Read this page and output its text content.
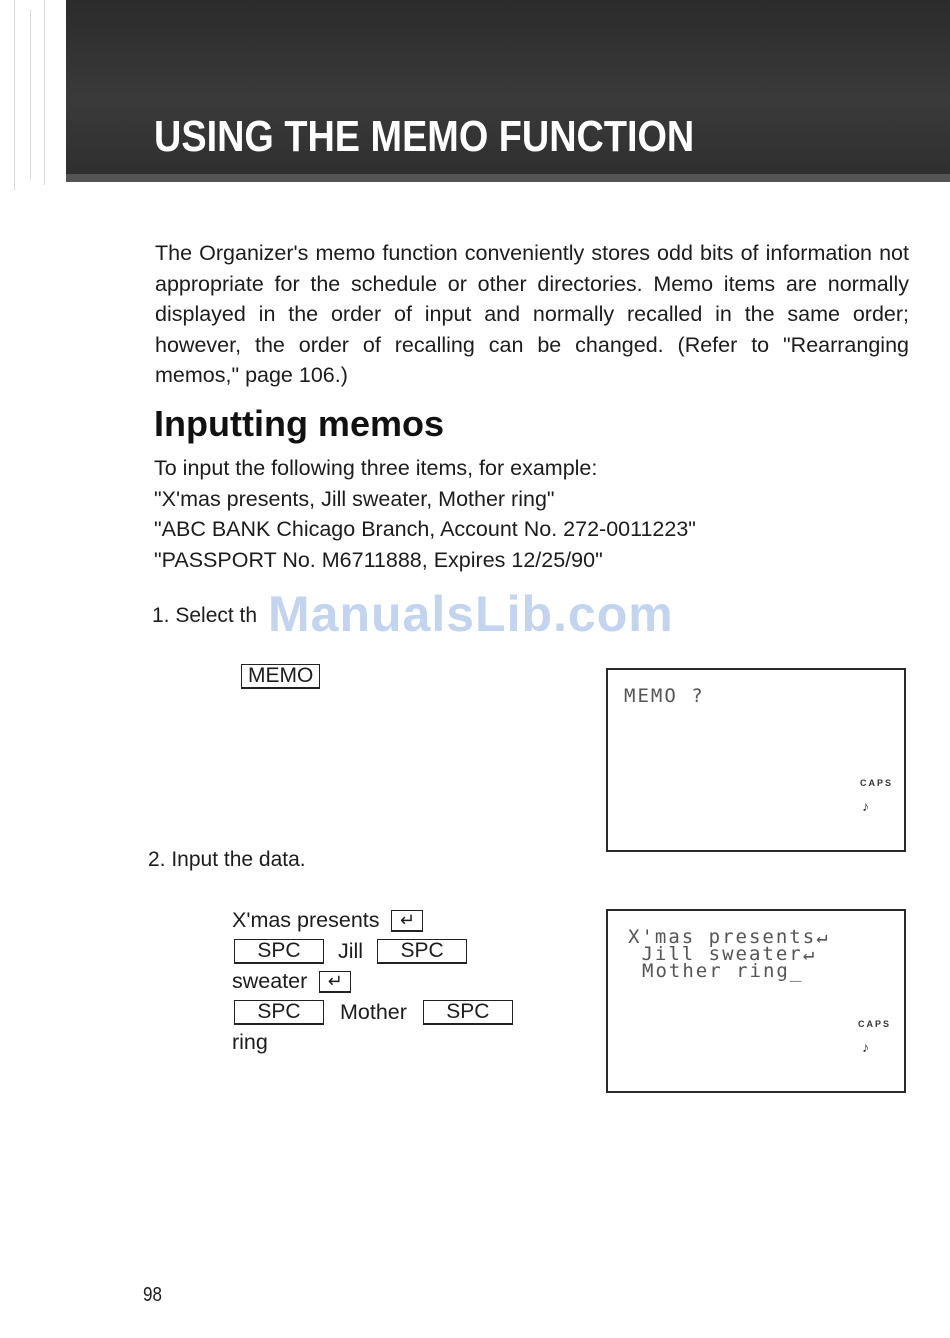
USING THE MEMO FUNCTION
The Organizer's memo function conveniently stores odd bits of information not appropriate for the schedule or other directories. Memo items are normally displayed in the order of input and normally recalled in the same order; however, the order of recalling can be changed. (Refer to "Rearranging memos," page 106.)
Inputting memos
To input the following three items, for example:
"X'mas presents, Jill sweater, Mother ring"
"ABC BANK Chicago Branch, Account No. 272-0011223"
"PASSPORT No. M6711888, Expires 12/25/90"
1. Select th ManualsLib.com
MEMO
MEMO ?
CAPS
♪
2. Input the data.
X'mas presents ↵
SPC Jill SPC
sweater ↵
SPC Mother SPC
ring
X'mas presents↵
Jill sweater↵
Mother ring_
CAPS
♪
98
